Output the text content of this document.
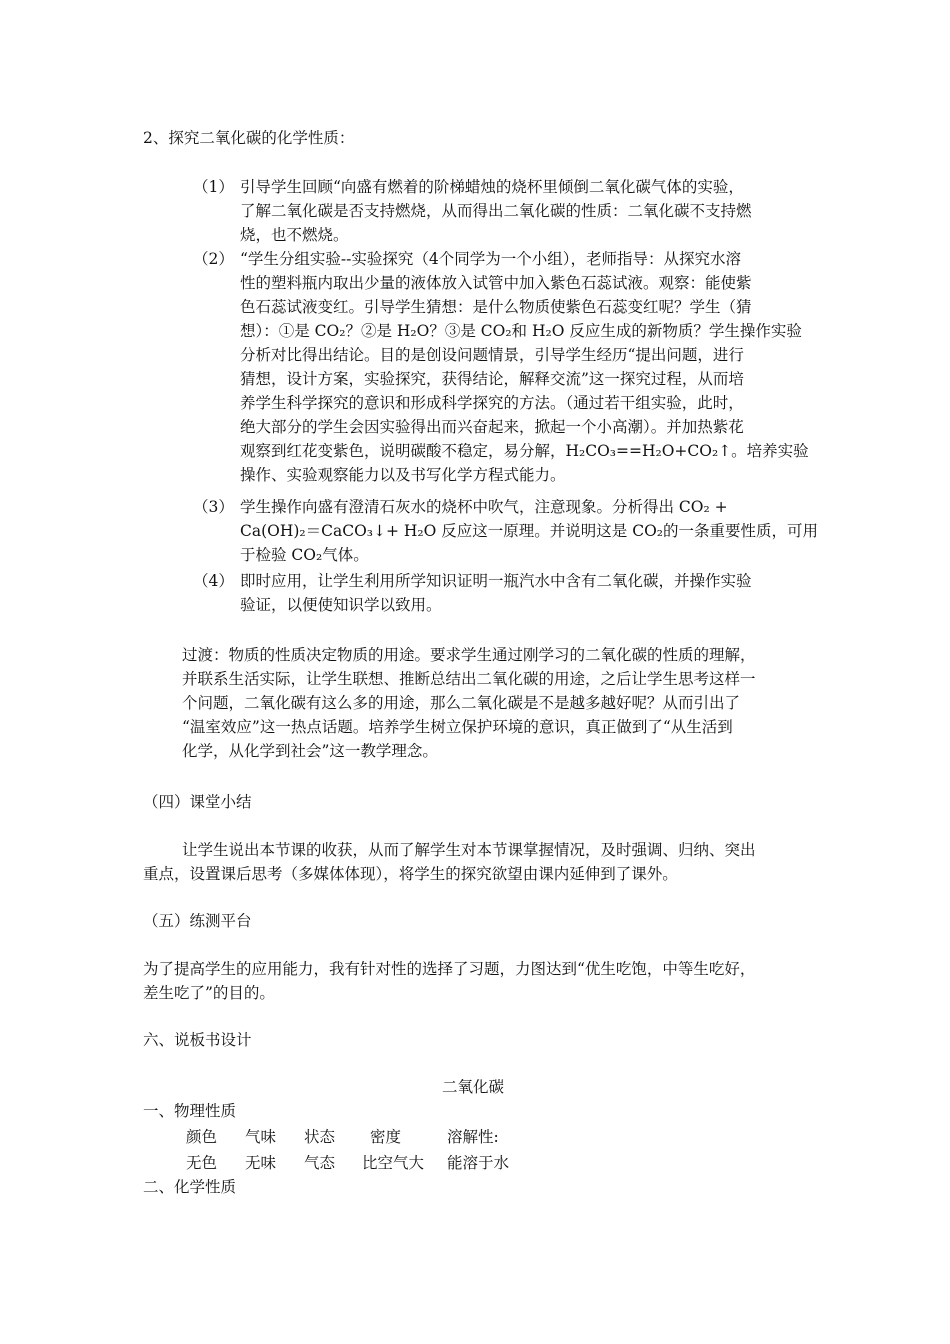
2、探究二氧化碳的化学性质：
（1） 引导学生回顾“向盛有燃着的阶梯蜡烛的烧杯里倾倒二氧化碳气体的实验，
了解二氧化碳是否支持燃烧，从而得出二氧化碳的性质：二氧化碳不支持燃
烧，也不燃烧。
（2） “学生分组实验--实验探究（4个同学为一个小组），老师指导：从探究水溶
性的塑料瓶内取出少量的液体放入试管中加入紫色石蕊试液。观察：能使紫
色石蕊试液变红。引导学生猜想：是什么物质使紫色石蕊变红呢？学生（猜
想）：①是 CO₂？②是 H₂O？③是 CO₂和 H₂O 反应生成的新物质？学生操作实验
分析对比得出结论。目的是创设问题情景，引导学生经历“提出问题，进行
猜想，设计方案，实验探究，获得结论，解释交流”这一探究过程，从而培
养学生科学探究的意识和形成科学探究的方法。（通过若干组实验，此时，
绝大部分的学生会因实验得出而兴奋起来，掀起一个小高潮）。并加热紫花
观察到红花变紫色，说明碳酸不稳定，易分解，H₂CO₃==H₂O+CO₂↑。培养实验
操作、实验观察能力以及书写化学方程式能力。
（3） 学生操作向盛有澄清石灰水的烧杯中吹气，注意现象。分析得出 CO₂ +
Ca(OH)₂＝CaCO₃↓+ H₂O 反应这一原理。并说明这是 CO₂的一条重要性质，可用
于检验 CO₂气体。
（4） 即时应用，让学生利用所学知识证明一瓶汽水中含有二氧化碳，并操作实验
验证，以便使知识学以致用。
过渡：物质的性质决定物质的用途。要求学生通过刚学习的二氧化碳的性质的理解，
并联系生活实际，让学生联想、推断总结出二氧化碳的用途，之后让学生思考这样一
个问题，二氧化碳有这么多的用途，那么二氧化碳是不是越多越好呢？从而引出了
“温室效应”这一热点话题。培养学生树立保护环境的意识，真正做到了“从生活到
化学，从化学到社会”这一教学理念。
（四）课堂小结
让学生说出本节课的收获，从而了解学生对本节课掌握情况，及时强调、归纳、突出
重点，设置课后思考（多媒体体现），将学生的探究欲望由课内延伸到了课外。
（五）练测平台
为了提高学生的应用能力，我有针对性的选择了习题，力图达到“优生吃饱，中等生吃好，
差生吃了”的目的。
六、说板书设计
二氧化碳
一、物理性质
颜色 气味 状态 密度	溶解性:
无色 无味 气态 比空气大 能溶于水
二、化学性质
